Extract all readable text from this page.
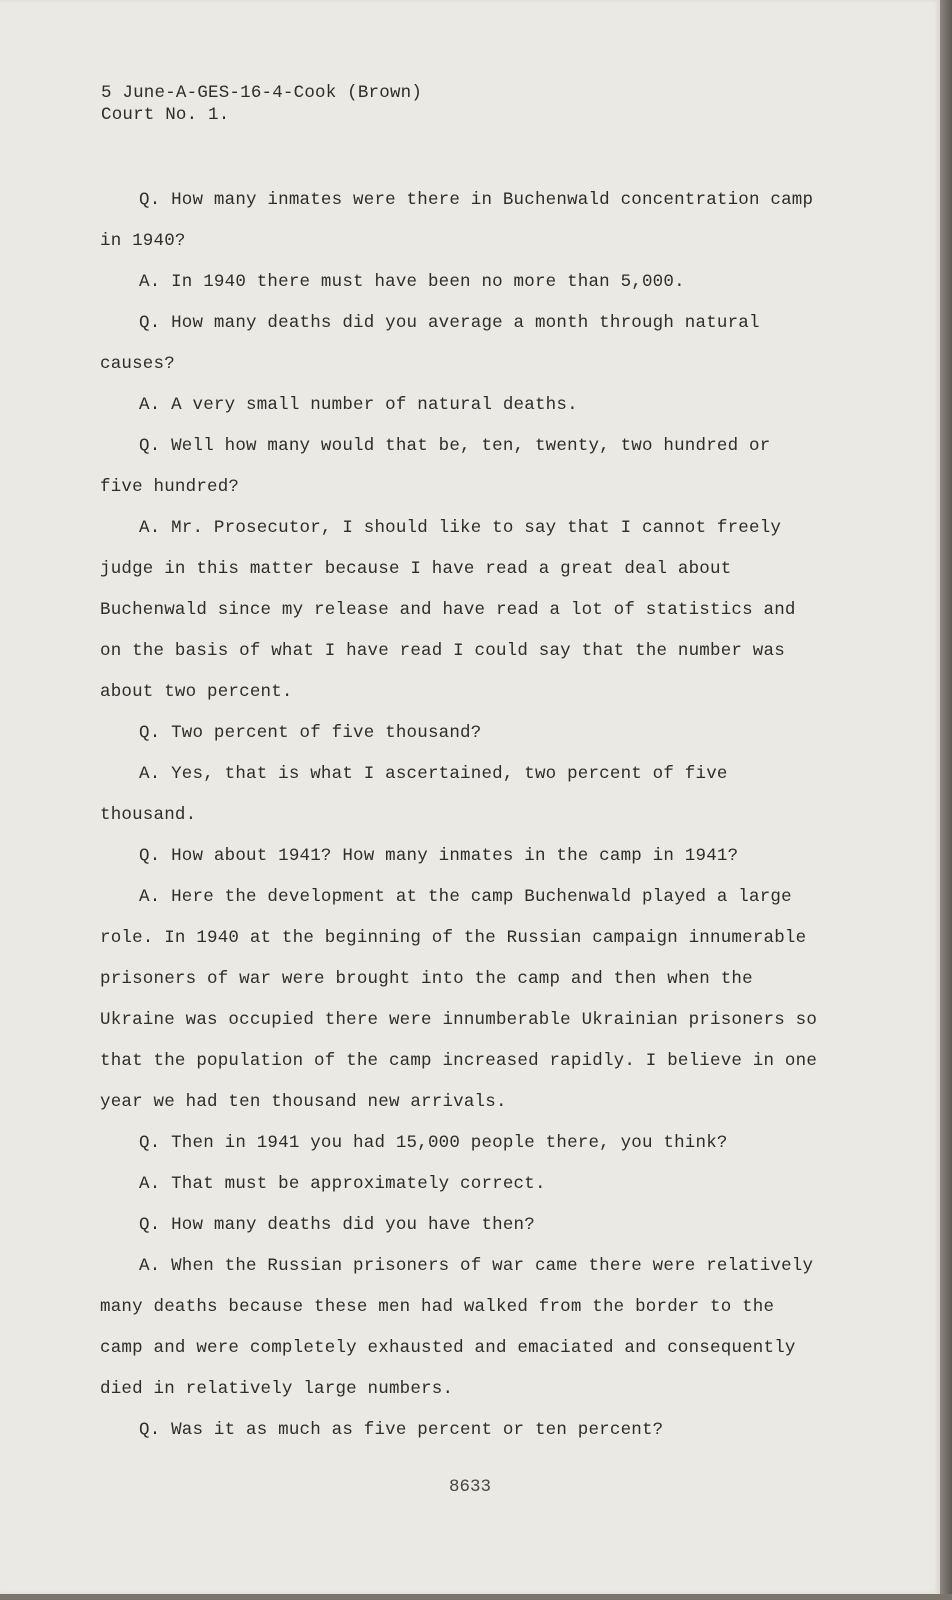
5 June-A-GES-16-4-Cook (Brown)
Court No. 1.

Q. How many inmates were there in Buchenwald concentration camp in 1940?

A. In 1940 there must have been no more than 5,000.

Q. How many deaths did you average a month through natural causes?

A. A very small number of natural deaths.

Q. Well how many would that be, ten, twenty, two hundred or five hundred?

A. Mr. Prosecutor, I should like to say that I cannot freely judge in this matter because I have read a great deal about Buchenwald since my release and have read a lot of statistics and on the basis of what I have read I could say that the number was about two percent.

Q. Two percent of five thousand?

A. Yes, that is what I ascertained, two percent of five thousand.

Q. How about 1941? How many inmates in the camp in 1941?

A. Here the development at the camp Buchenwald played a large role. In 1940 at the beginning of the Russian campaign innumerable prisoners of war were brought into the camp and then when the Ukraine was occupied there were innumberable Ukrainian prisoners so that the population of the camp increased rapidly. I believe in one year we had ten thousand new arrivals.

Q. Then in 1941 you had 15,000 people there, you think?

A. That must be approximately correct.

Q. How many deaths did you have then?

A. When the Russian prisoners of war came there were relatively many deaths because these men had walked from the border to the camp and were completely exhausted and emaciated and consequently died in relatively large numbers.

Q. Was it as much as five percent or ten percent?

8633
